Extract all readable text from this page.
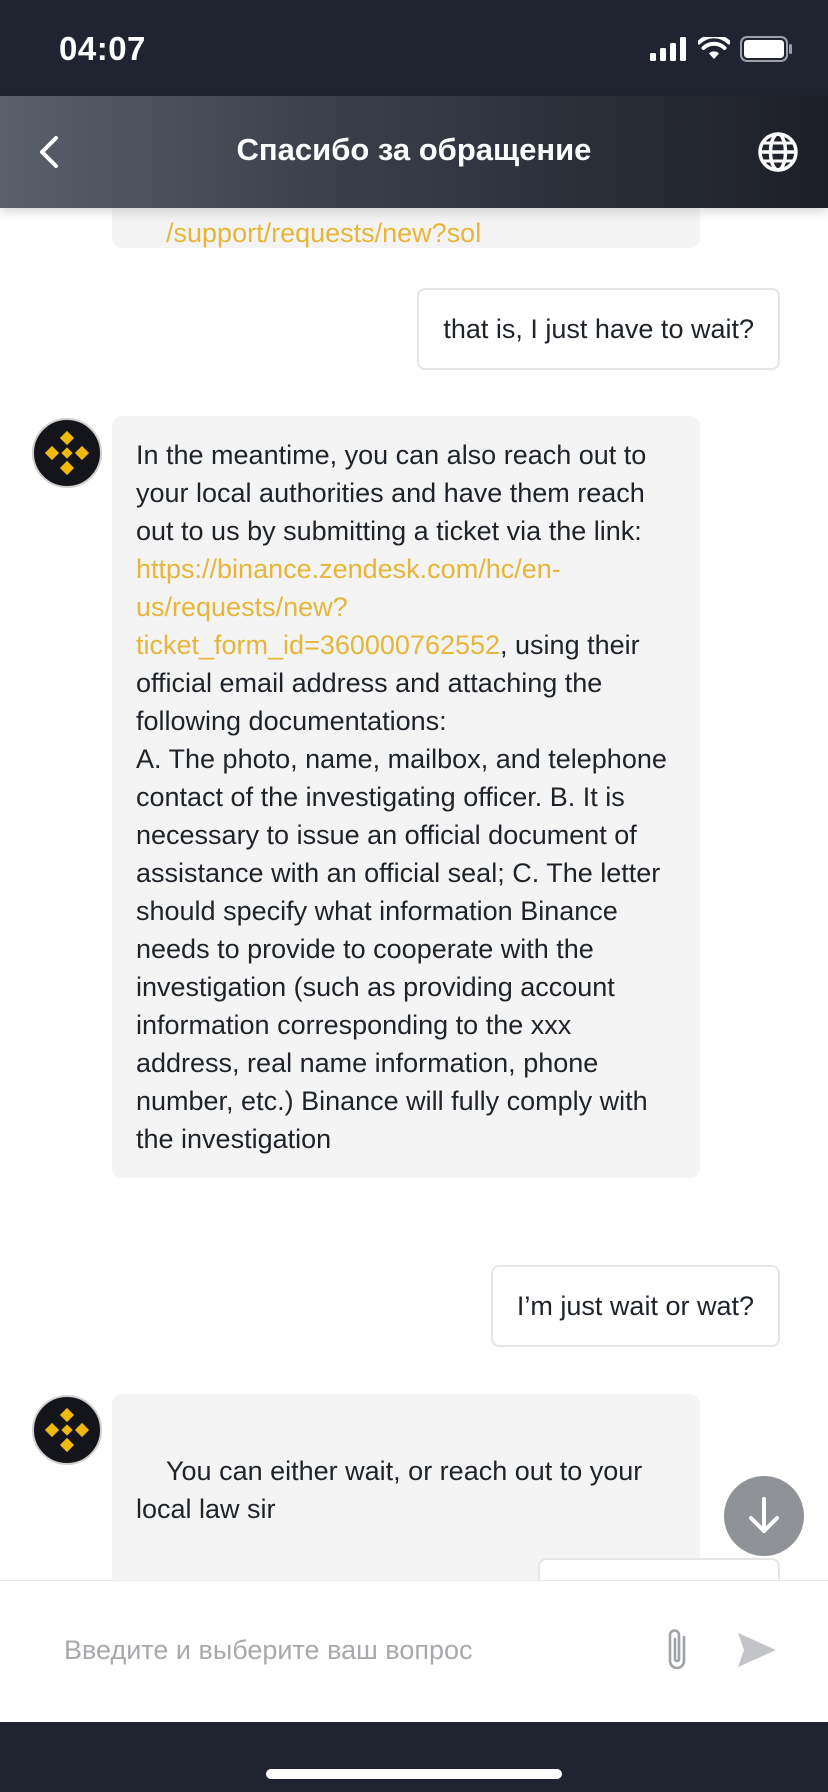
04:07
Спасибо за обращение

/support/requests/new?sol

that is, I just have to wait?
In the meantime, you can also reach out to your local authorities and have them reach out to us by submitting a ticket via the link: https://binance.zendesk.com/hc/en-us/requests/new?ticket_form_id=360000762552, using their official email address and attaching the following documentations:
A. The photo, name, mailbox, and telephone contact of the investigating officer. B. It is necessary to issue an official document of assistance with an official seal; C. The letter should specify what information Binance needs to provide to cooperate with the investigation (such as providing account information corresponding to the xxx address, real name information, phone number, etc.) Binance will fully comply with the investigation
I’m just wait or wat?

You can either wait, or reach out to your local law sir

Введите и выберите ваш вопрос
